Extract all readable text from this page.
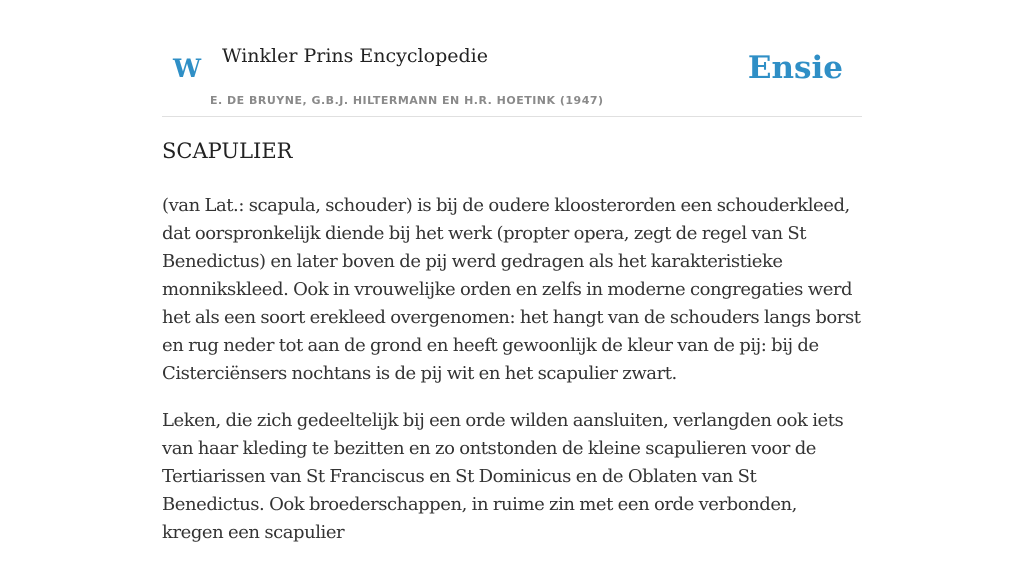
W Winkler Prins Encyclopedie
E. DE BRUYNE, G.B.J. HILTERMANN EN H.R. HOETINK (1947)
Ensie
SCAPULIER

(van Lat.: scapula, schouder) is bij de oudere kloosterorden een schouderkleed, dat oorspronkelijk diende bij het werk (propter opera, zegt de regel van St Benedictus) en later boven de pij werd gedragen als het karakteristieke monnikskleed. Ook in vrouwelijke orden en zelfs in moderne congregaties werd het als een soort erekleed overgenomen: het hangt van de schouders langs borst en rug neder tot aan de grond en heeft gewoonlijk de kleur van de pij: bij de Cisterciënsers nochtans is de pij wit en het scapulier zwart.

Leken, die zich gedeeltelijk bij een orde wilden aansluiten, verlangden ook iets van haar kleding te bezitten en zo ontstonden de kleine scapulieren voor de Tertiarissen van St Franciscus en St Dominicus en de Oblaten van St Benedictus. Ook broederschappen, in ruime zin met een orde verbonden, kregen een scapulier
